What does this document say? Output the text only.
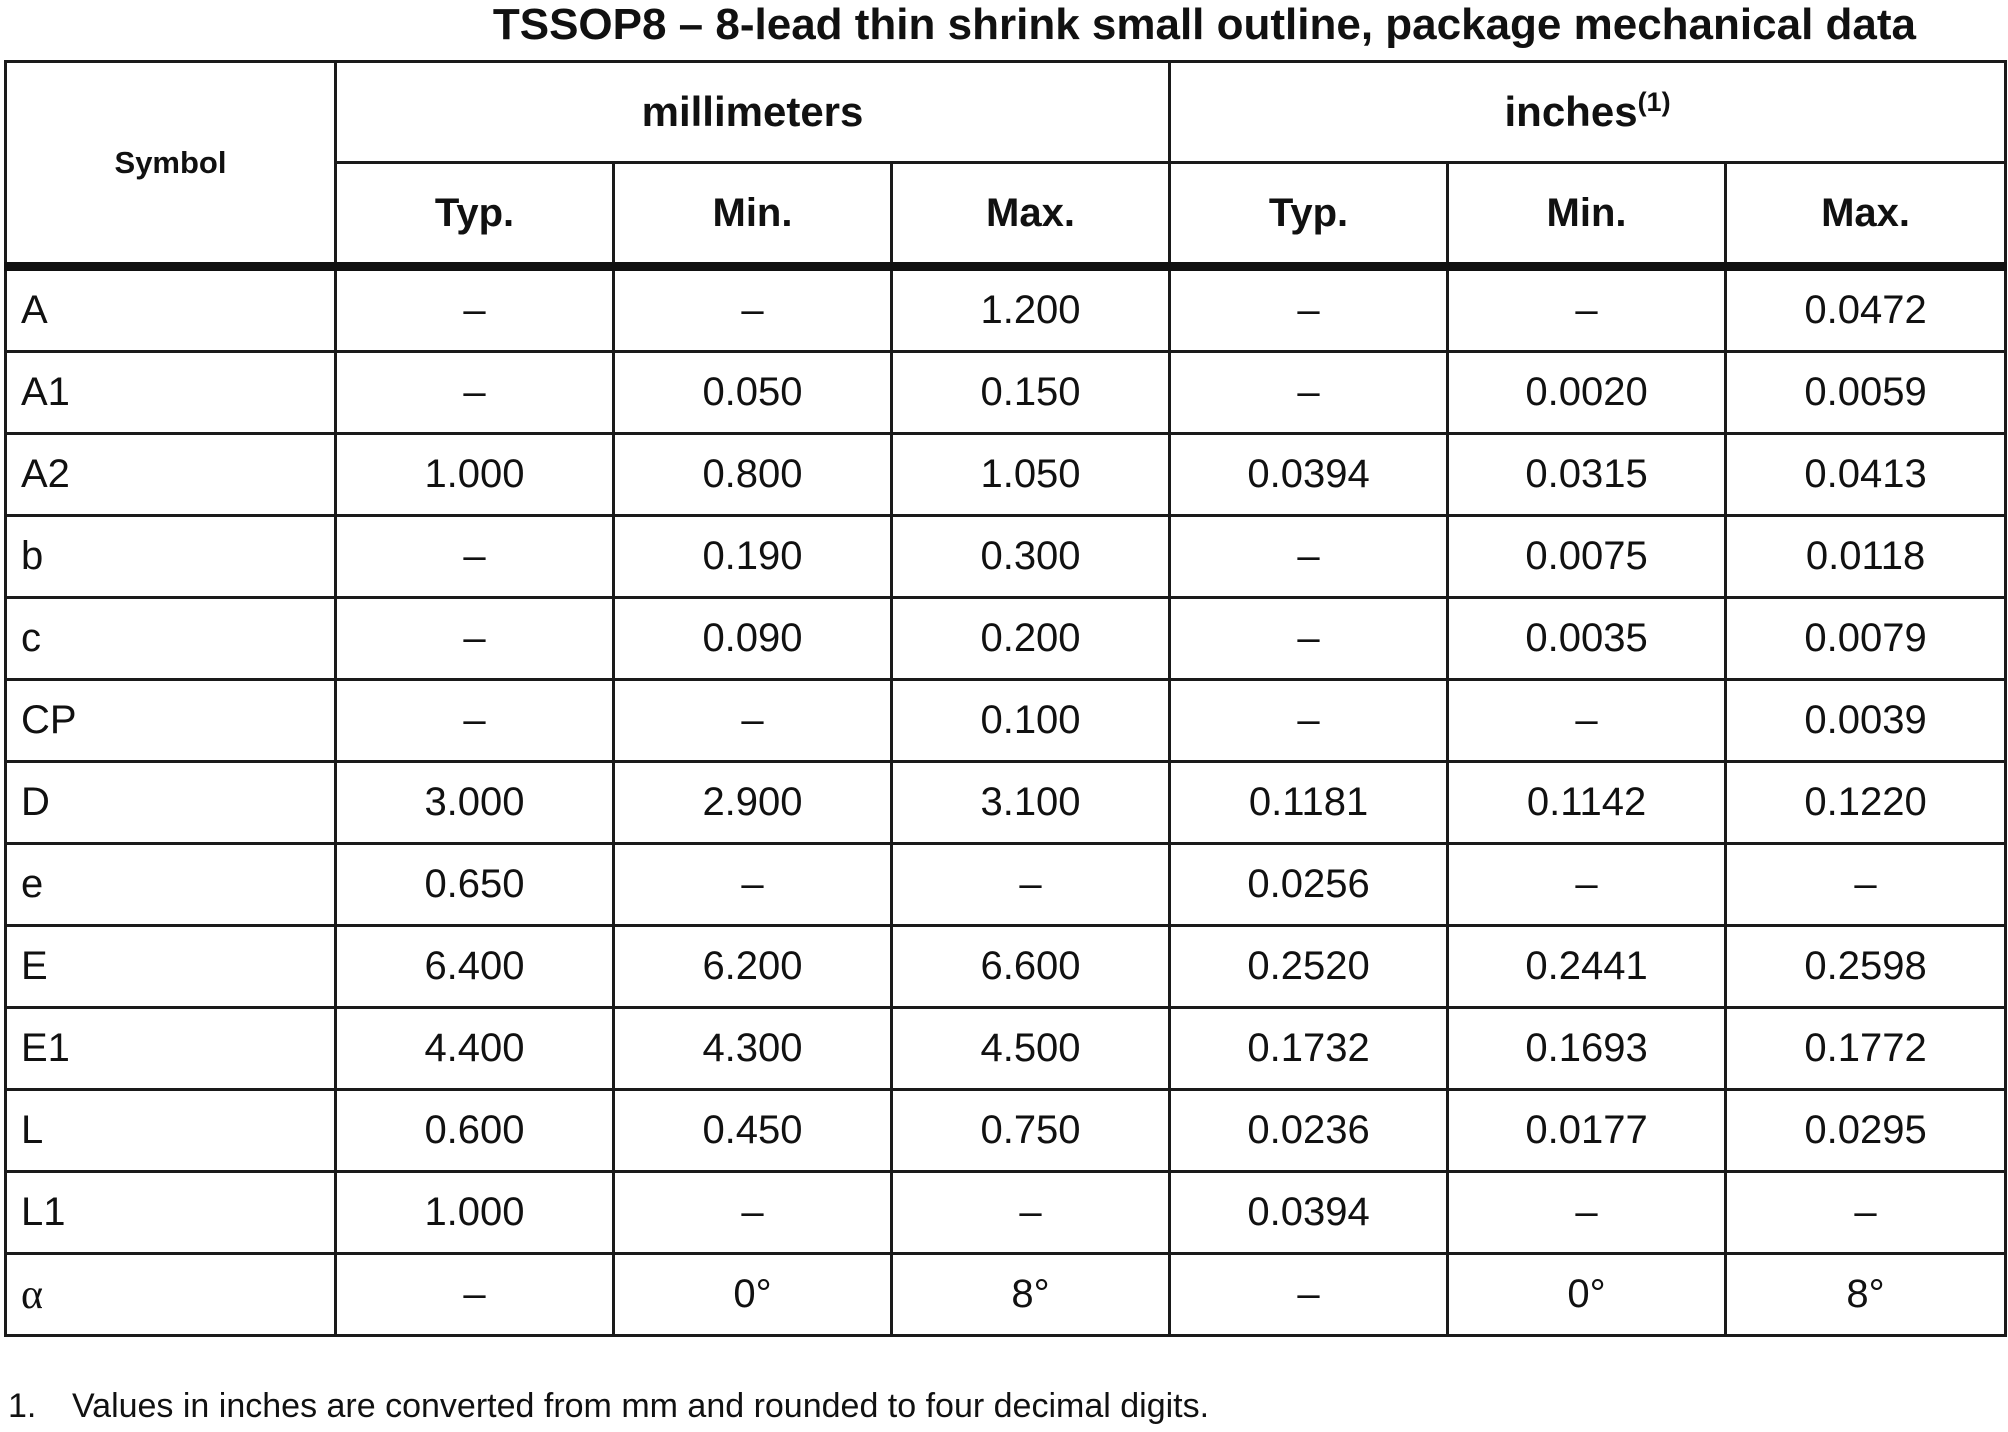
TSSOP8 – 8-lead thin shrink small outline, package mechanical data
Symbol	millimeters			inches$^{(1)}$
	Typ.	Min.	Max.	Typ.	Min.	Max.
A	–	–	1.200	–	–	0.0472
A1	–	0.050	0.150	–	0.0020	0.0059
A2	1.000	0.800	1.050	0.0394	0.0315	0.0413
b	–	0.190	0.300	–	0.0075	0.0118
c	–	0.090	0.200	–	0.0035	0.0079
CP	–	–	0.100	–	–	0.0039
D	3.000	2.900	3.100	0.1181	0.1142	0.1220
e	0.650	–	–	0.0256	–	–
E	6.400	6.200	6.600	0.2520	0.2441	0.2598
E1	4.400	4.300	4.500	0.1732	0.1693	0.1772
L	0.600	0.450	0.750	0.0236	0.0177	0.0295
L1	1.000	–	–	0.0394	–	–
α	–	0°	8°	–	0°	8°
1. Values in inches are converted from mm and rounded to four decimal digits.
